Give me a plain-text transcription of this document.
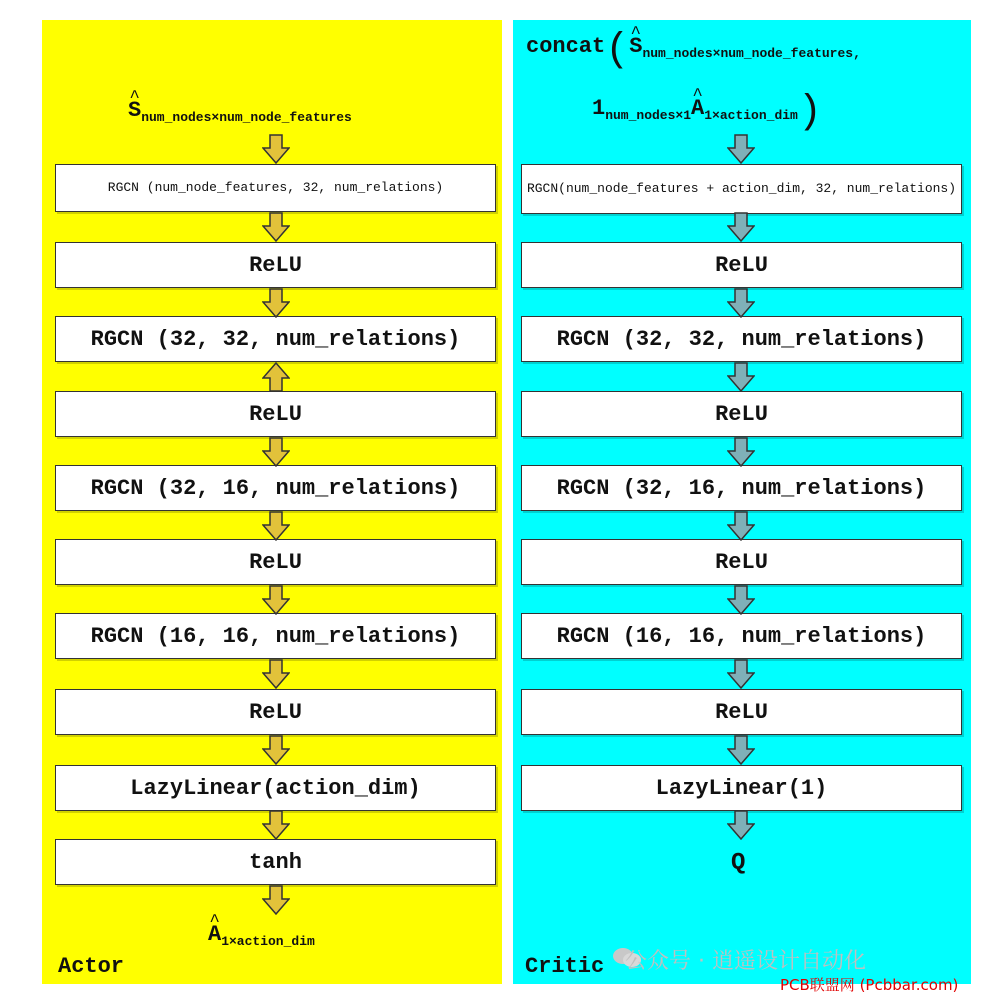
^ $S_{num\_nodes\times num\_node\_features}$
RGCN (num_node_features, 32, num_relations)
ReLU
RGCN (32, 32, num_relations)
ReLU
RGCN (32, 16, num_relations)
ReLU
RGCN (16, 16, num_relations)
ReLU
LazyLinear(action_dim)
tanh
^ $A_{1\times action\_dim}$
Actor
concat(^ $S_{num\_nodes\times num\_node\_features,}$
$1_{num\_nodes\times 1}\^{}$ $A_{1\times action\_dim}$)
RGCN(num_node_features + action_dim, 32, num_relations)
ReLU
RGCN (32, 32, num_relations)
ReLU
RGCN (32, 16, num_relations)
ReLU
RGCN (16, 16, num_relations)
ReLU
LazyLinear(1)
Q
Critic 公众号 · 逍遥设计自动化
PCB联盟网 (Pcbbar.com)
